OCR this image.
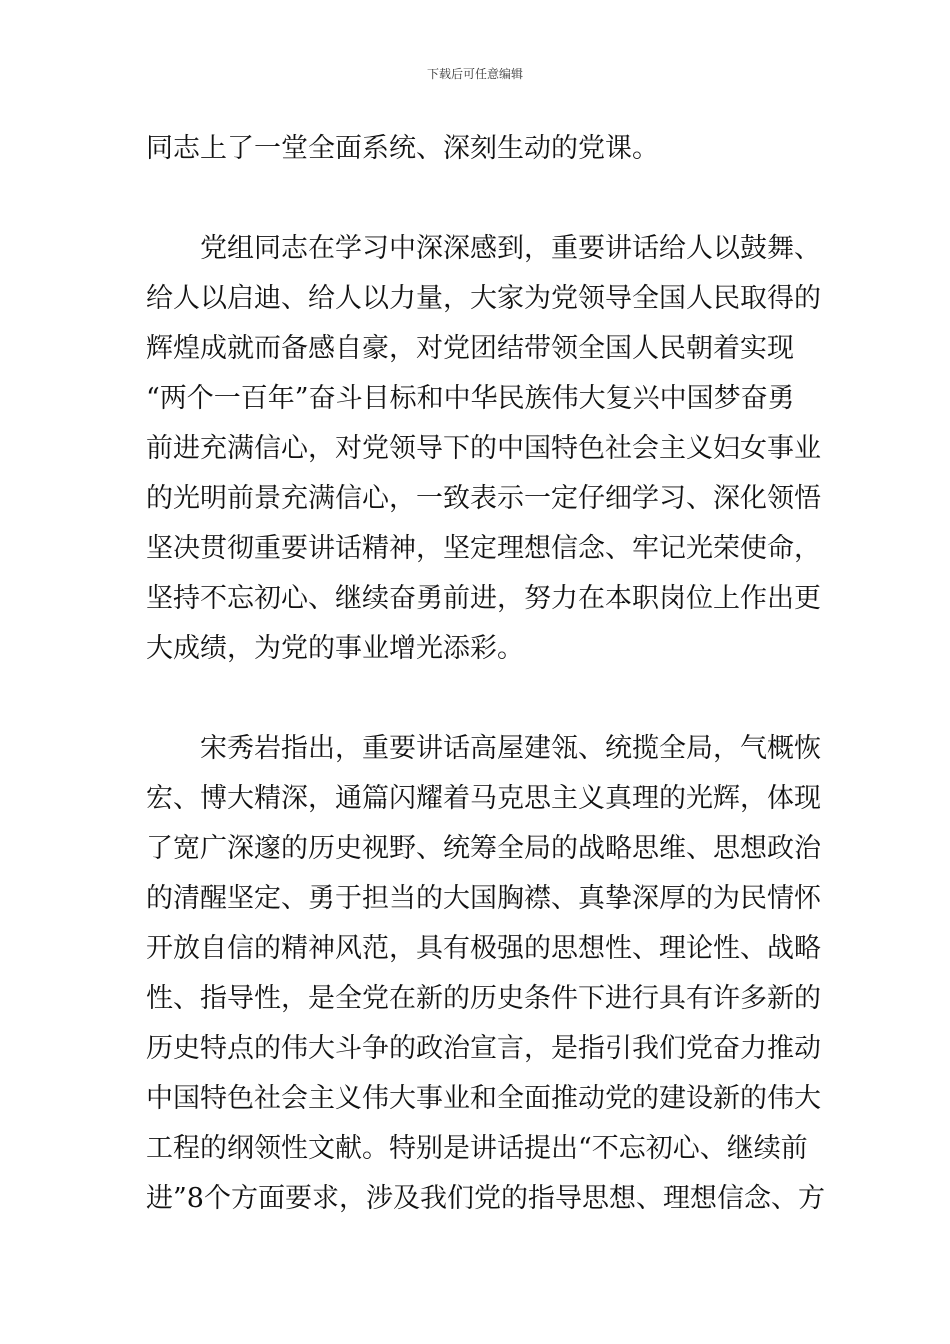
下载后可任意编辑
同志上了一堂全面系统、深刻生动的党课。
　　党组同志在学习中深深感到，重要讲话给人以鼓舞、
给人以启迪、给人以力量，大家为党领导全国人民取得的
辉煌成就而备感自豪，对党团结带领全国人民朝着实现
“两个一百年”奋斗目标和中华民族伟大复兴中国梦奋勇
前进充满信心，对党领导下的中国特色社会主义妇女事业
的光明前景充满信心，一致表示一定仔细学习、深化领悟
坚决贯彻重要讲话精神，坚定理想信念、牢记光荣使命，
坚持不忘初心、继续奋勇前进，努力在本职岗位上作出更
大成绩，为党的事业增光添彩。
　　宋秀岩指出，重要讲话高屋建瓴、统揽全局，气概恢
宏、博大精深，通篇闪耀着马克思主义真理的光辉，体现
了宽广深邃的历史视野、统筹全局的战略思维、思想政治
的清醒坚定、勇于担当的大国胸襟、真挚深厚的为民情怀
开放自信的精神风范，具有极强的思想性、理论性、战略
性、指导性，是全党在新的历史条件下进行具有许多新的
历史特点的伟大斗争的政治宣言，是指引我们党奋力推动
中国特色社会主义伟大事业和全面推动党的建设新的伟大
工程的纲领性文献。特别是讲话提出“不忘初心、继续前
进”8个方面要求，涉及我们党的指导思想、理想信念、方
